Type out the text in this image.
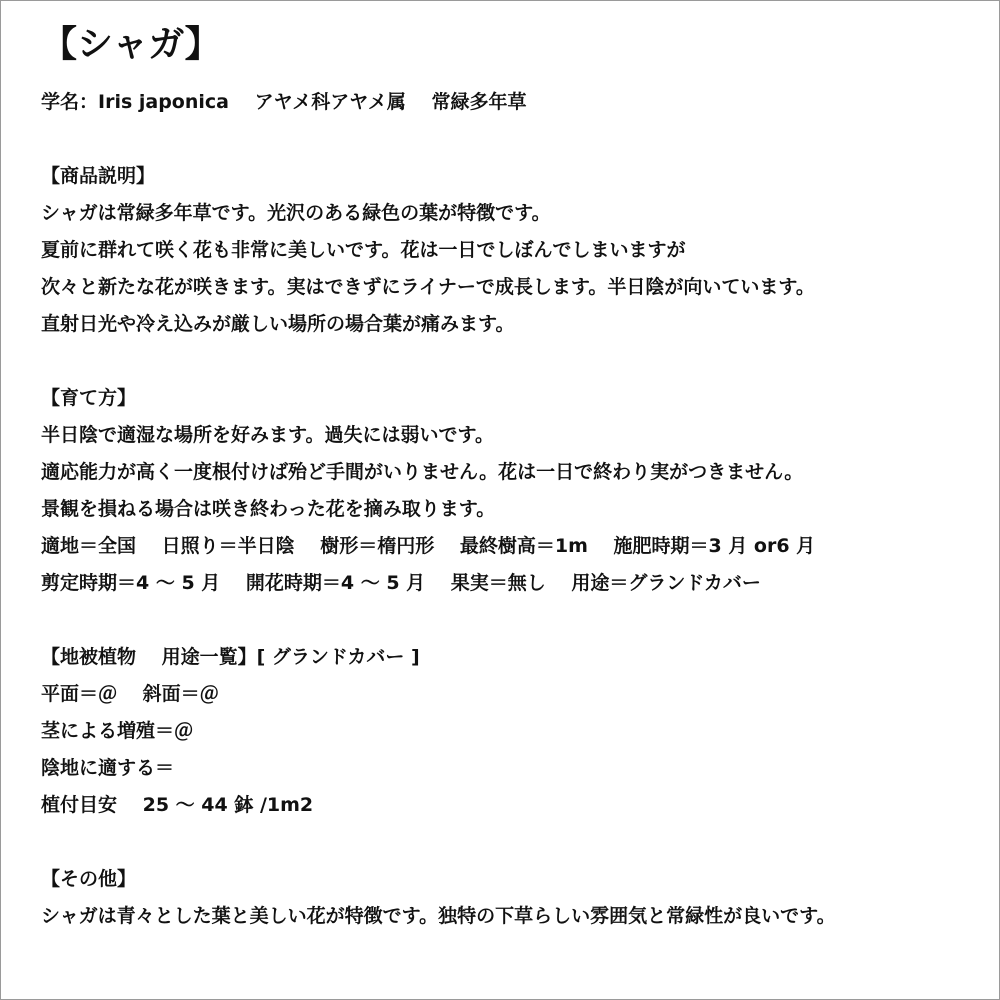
【シャガ】
学名：Iris japonica　 アヤメ科アヤメ属　 常緑多年草
【商品説明】
シャガは常緑多年草です。光沢のある緑色の葉が特徴です。
夏前に群れて咲く花も非常に美しいです。花は一日でしぼんでしまいますが
次々と新たな花が咲きます。実はできずにライナーで成長します。半日陰が向いています。
直射日光や冷え込みが厳しい場所の場合葉が痛みます。
【育て方】
半日陰で適湿な場所を好みます。過失には弱いです。
適応能力が高く一度根付けば殆ど手間がいりません。花は一日で終わり実がつきません。
景観を損ねる場合は咲き終わった花を摘み取ります。
適地＝全国　 日照り＝半日陰　 樹形＝楕円形　 最終樹高＝1m　 施肥時期＝3 月 or6 月
剪定時期＝4 ～ 5 月　 開花時期＝4 ～ 5 月　 果実＝無し　 用途＝グランドカバー
【地被植物　 用途一覧】[ グランドカバー ]
平面＝＠　 斜面＝＠
茎による増殖＝＠
陰地に適する＝
植付目安　 25 ～ 44 鉢 /1m2
【その他】
シャガは青々とした葉と美しい花が特徴です。独特の下草らしい雰囲気と常緑性が良いです。
